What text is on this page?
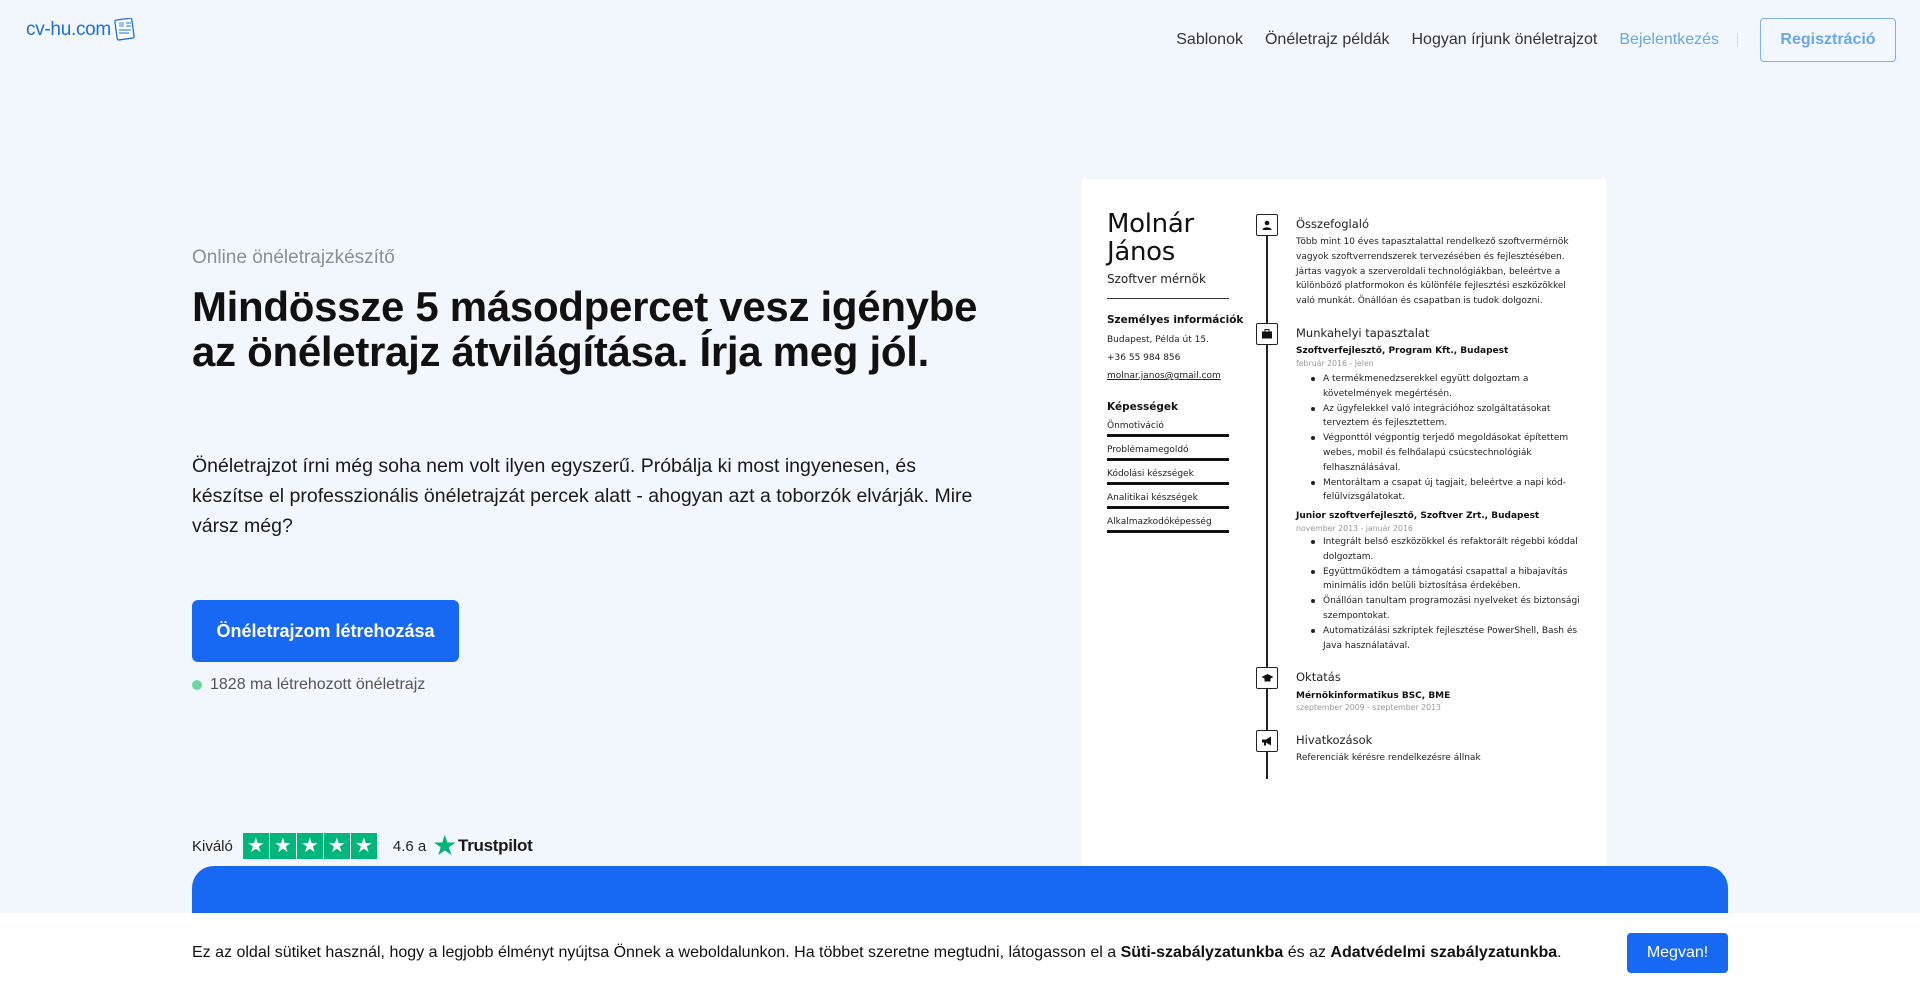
cv-hu.com	Sablonok Önéletrajz példák Hogyan írjunk önéletrajzot Bejelentkezés	Regisztráció
Online önéletrajzkészítő
Mindössze 5 másodpercet vesz igénybe az önéletrajz átvilágítása. Írja meg jól.

Önéletrajzot írni még soha nem volt ilyen egyszerű. Próbálja ki most ingyenesen, és készítse el professzionális önéletrajzát percek alatt - ahogyan azt a toborzók elvárják. Mire vársz még?

Önéletrajzom létrehozása
1828 ma létrehozott önéletrajz
Kiváló ★ ★ ★ ★ ★ 4.6 a ★ Trustpilot
Molnár
János
Szoftver mérnök
Személyes információk
Budapest, Példa út 15.
+36 55 984 856
molnar.janos@gmail.com
Képességek
Önmotiváció
Problémamegoldó
Kódolási készségek
Analitikai készségek
Alkalmazkodóképesség
Összefoglaló
Több mint 10 éves tapasztalattal rendelkező szoftvermérnök vagyok szoftverrendszerek tervezésében és fejlesztésében. Jártas vagyok a szerveroldali technológiákban, beleértve a különböző platformokon és különféle fejlesztési eszközökkel való munkát. Önállóan és csapatban is tudok dolgozni.
Munkahelyi tapasztalat
Szoftverfejlesztő, Program Kft., Budapest
február 2016 - Jelen
A termékmenedzserekkel együtt dolgoztam a követelmények megértésén.
Az ügyfelekkel való integrációhoz szolgáltatásokat terveztem és fejlesztettem.
Végponttól végpontig terjedő megoldásokat építettem webes, mobil és felhőalapú csúcstechnológiák felhasználásával.
Mentoráltam a csapat új tagjait, beleértve a napi kód-felülvizsgálatokat.
Junior szoftverfejlesztő, Szoftver Zrt., Budapest
november 2013 - január 2016
Integrált belső eszközökkel és refaktorált régebbi kóddal dolgoztam.
Együttműködtem a támogatási csapattal a hibajavítás minimális időn belüli biztosítása érdekében.
Önállóan tanultam programozási nyelveket és biztonsági szempontokat.
Automatizálási szkriptek fejlesztése PowerShell, Bash és Java használatával.
Oktatás
Mérnökinformatikus BSC, BME
szeptember 2009 - szeptember 2013
Hivatkozások
Referenciák kérésre rendelkezésre állnak
Ez az oldal sütiket használ, hogy a legjobb élményt nyújtsa Önnek a weboldalunkon. Ha többet szeretne megtudni, látogasson el a Süti-szabályzatunkba és az Adatvédelmi szabályzatunkba.	Megvan!
